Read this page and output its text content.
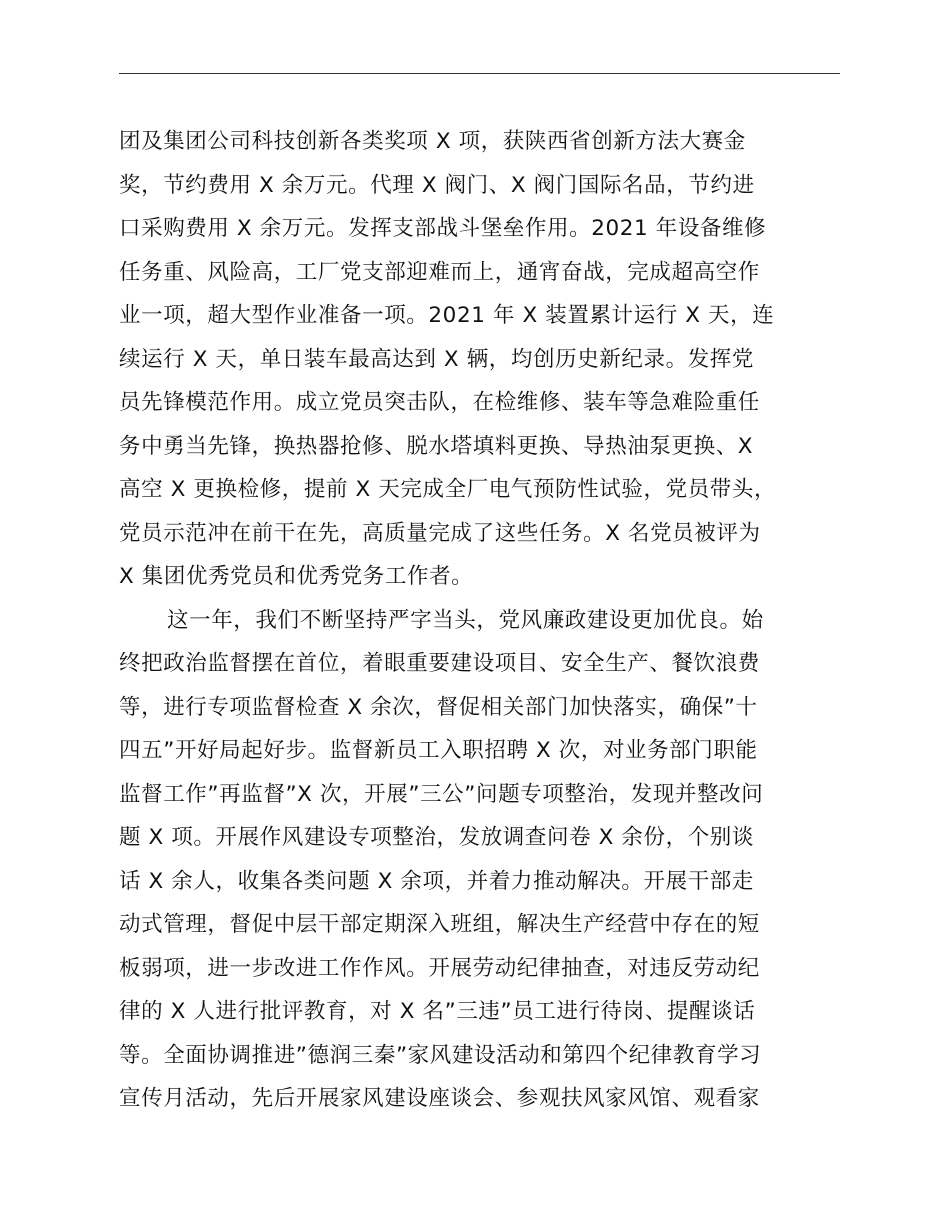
团及集团公司科技创新各类奖项 X 项，获陕西省创新方法大赛金
奖，节约费用 X 余万元。代理 X 阀门、X 阀门国际名品，节约进
口采购费用 X 余万元。发挥支部战斗堡垒作用。2021 年设备维修
任务重、风险高，工厂党支部迎难而上，通宵奋战，完成超高空作
业一项，超大型作业准备一项。2021 年 X 装置累计运行 X 天，连
续运行 X 天，单日装车最高达到 X 辆，均创历史新纪录。发挥党
员先锋模范作用。成立党员突击队，在检维修、装车等急难险重任
务中勇当先锋，换热器抢修、脱水塔填料更换、导热油泵更换、X
高空 X 更换检修，提前 X 天完成全厂电气预防性试验，党员带头，
党员示范冲在前干在先，高质量完成了这些任务。X 名党员被评为
X 集团优秀党员和优秀党务工作者。
这一年，我们不断坚持严字当头，党风廉政建设更加优良。始
终把政治监督摆在首位，着眼重要建设项目、安全生产、餐饮浪费
等，进行专项监督检查 X 余次，督促相关部门加快落实，确保”十
四五”开好局起好步。监督新员工入职招聘 X 次，对业务部门职能
监督工作”再监督”X 次，开展”三公”问题专项整治，发现并整改问
题 X 项。开展作风建设专项整治，发放调查问卷 X 余份，个别谈
话 X 余人，收集各类问题 X 余项，并着力推动解决。开展干部走
动式管理，督促中层干部定期深入班组，解决生产经营中存在的短
板弱项，进一步改进工作作风。开展劳动纪律抽查，对违反劳动纪
律的 X 人进行批评教育，对 X 名”三违”员工进行待岗、提醒谈话
等。全面协调推进”德润三秦”家风建设活动和第四个纪律教育学习
宣传月活动，先后开展家风建设座谈会、参观扶风家风馆、观看家
